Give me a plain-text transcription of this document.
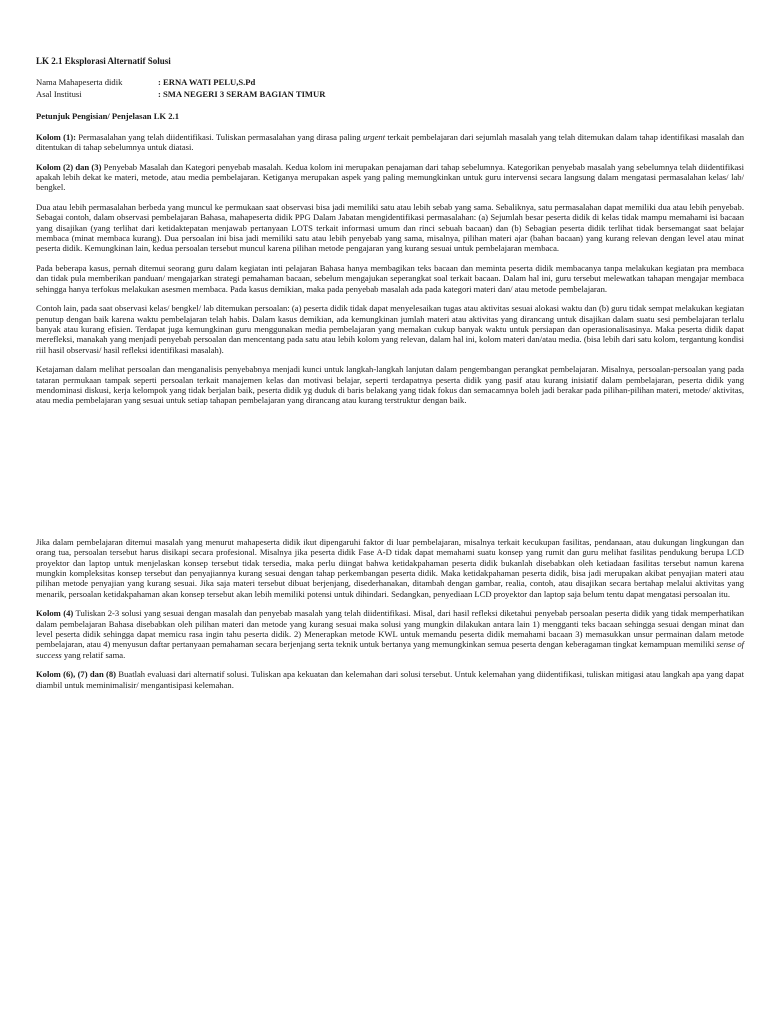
LK 2.1 Eksplorasi Alternatif Solusi
Nama Mahapeserta didik	: ERNA WATI PELU,S.Pd
Asal Institusi	: SMA NEGERI 3 SERAM BAGIAN TIMUR
Petunjuk Pengisian/ Penjelasan LK 2.1

Kolom (1): Permasalahan yang telah diidentifikasi. Tuliskan permasalahan yang dirasa paling urgent terkait pembelajaran dari sejumlah masalah yang telah ditemukan dalam tahap identifikasi masalah dan ditentukan di tahap sebelumnya untuk diatasi.

Kolom (2) dan (3) Penyebab Masalah dan Kategori penyebab masalah. Kedua kolom ini merupakan penajaman dari tahap sebelumnya. Kategorikan penyebab masalah yang sebelumnya telah diidentifikasi apakah lebih dekat ke materi, metode, atau media pembelajaran. Ketiganya merupakan aspek yang paling memungkinkan untuk guru intervensi secara langsung dalam mengatasi permasalahan kelas/ lab/ bengkel.

Dua atau lebih permasalahan berbeda yang muncul ke permukaan saat observasi bisa jadi memiliki satu atau lebih sebab yang sama. Sebaliknya, satu permasalahan dapat memiliki dua atau lebih penyebab. Sebagai contoh, dalam observasi pembelajaran Bahasa, mahapeserta didik PPG Dalam Jabatan mengidentifikasi permasalahan: (a) Sejumlah besar peserta didik di kelas tidak mampu memahami isi bacaan yang disajikan (yang terlihat dari ketidaktepatan menjawab pertanyaan LOTS terkait informasi umum dan rinci sebuah bacaan) dan (b) Sebagian peserta didik terlihat tidak bersemangat saat belajar membaca (minat membaca kurang). Dua persoalan ini bisa jadi memiliki satu atau lebih penyebab yang sama, misalnya, pilihan materi ajar (bahan bacaan) yang kurang relevan dengan level atau minat peserta didik. Kemungkinan lain, kedua persoalan tersebut muncul karena pilihan metode pengajaran yang kurang sesuai untuk pembelajaran membaca.

Pada beberapa kasus, pernah ditemui seorang guru dalam kegiatan inti pelajaran Bahasa hanya membagikan teks bacaan dan meminta peserta didik membacanya tanpa melakukan kegiatan pra membaca dan tidak pula memberikan panduan/ mengajarkan strategi pemahaman bacaan, sebelum mengajukan seperangkat soal terkait bacaan. Dalam hal ini, guru tersebut melewatkan tahapan mengajar membaca sehingga hanya terfokus melakukan asesmen membaca. Pada kasus demikian, maka pada penyebab masalah ada pada kategori materi dan/ atau metode pembelajaran.

Contoh lain, pada saat observasi kelas/ bengkel/ lab ditemukan persoalan: (a) peserta didik tidak dapat menyelesaikan tugas atau aktivitas sesuai alokasi waktu dan (b) guru tidak sempat melakukan kegiatan penutup dengan baik karena waktu pembelajaran telah habis. Dalam kasus demikian, ada kemungkinan jumlah materi atau aktivitas yang dirancang untuk disajikan dalam suatu sesi pembelajaran terlalu banyak atau kurang efisien. Terdapat juga kemungkinan guru menggunakan media pembelajaran yang memakan cukup banyak waktu untuk persiapan dan operasionalisasinya. Maka peserta didik dapat merefleksi, manakah yang menjadi penyebab persoalan dan mencentang pada satu atau lebih kolom yang relevan, dalam hal ini, kolom materi dan/atau media. (bisa lebih dari satu kolom, tergantung kondisi riil hasil observasi/ hasil refleksi identifikasi masalah).

Ketajaman dalam melihat persoalan dan menganalisis penyebabnya menjadi kunci untuk langkah-langkah lanjutan dalam pengembangan perangkat pembelajaran. Misalnya, persoalan-persoalan yang pada tataran permukaan tampak seperti persoalan terkait manajemen kelas dan motivasi belajar, seperti terdapatnya peserta didik yang pasif atau kurang inisiatif dalam pembelajaran, peserta didik yang mendominasi diskusi, kerja kelompok yang tidak berjalan baik, peserta didik yg duduk di baris belakang yang tidak fokus dan semacamnya boleh jadi berakar pada pilihan-pilihan materi, metode/ aktivitas, atau media pembelajaran yang sesuai untuk setiap tahapan pembelajaran yang dirancang atau kurang terstruktur dengan baik.

Jika dalam pembelajaran ditemui masalah yang menurut mahapeserta didik ikut dipengaruhi faktor di luar pembelajaran, misalnya terkait kecukupan fasilitas, pendanaan, atau dukungan lingkungan dan orang tua, persoalan tersebut harus disikapi secara profesional. Misalnya jika peserta didik Fase A-D tidak dapat memahami suatu konsep yang rumit dan guru melihat fasilitas pendukung berupa LCD proyektor dan laptop untuk menjelaskan konsep tersebut tidak tersedia, maka perlu diingat bahwa ketidakpahaman peserta didik bukanlah disebabkan oleh ketiadaan fasilitas tersebut namun karena mungkin kompleksitas konsep tersebut dan penyajiannya kurang sesuai dengan tahap perkembangan peserta didik. Maka ketidakpahaman peserta didik, bisa jadi merupakan akibat penyajian materi atau pilihan metode penyajian yang kurang sesuai. Jika saja materi tersebut dibuat berjenjang, disederhanakan, ditambah dengan gambar, realia, contoh, atau disajikan secara bertahap melalui aktivitas yang menarik, persoalan ketidakpahaman akan konsep tersebut akan lebih memiliki potensi untuk dihindari. Sedangkan, penyediaan LCD proyektor dan laptop saja belum tentu dapat mengatasi persoalan itu.

Kolom (4) Tuliskan 2-3 solusi yang sesuai dengan masalah dan penyebab masalah yang telah diidentifikasi. Misal, dari hasil refleksi diketahui penyebab persoalan peserta didik yang tidak memperhatikan dalam pembelajaran Bahasa disebabkan oleh pilihan materi dan metode yang kurang sesuai maka solusi yang mungkin dilakukan antara lain 1) mengganti teks bacaan sehingga sesuai dengan minat dan level peserta didik sehingga dapat memicu rasa ingin tahu peserta didik. 2) Menerapkan metode KWL untuk memandu peserta didik memahami bacaan 3) memasukkan unsur permainan dalam metode pembelajaran, atau 4) menyusun daftar pertanyaan pemahaman secara berjenjang serta teknik untuk bertanya yang memungkinkan semua peserta dengan keberagaman tingkat kemampuan memiliki sense of success yang relatif sama.

Kolom (6), (7) dan (8) Buatlah evaluasi dari alternatif solusi. Tuliskan apa kekuatan dan kelemahan dari solusi tersebut. Untuk kelemahan yang diidentifikasi, tuliskan mitigasi atau langkah apa yang dapat diambil untuk meminimalisir/ mengantisipasi kelemahan.
